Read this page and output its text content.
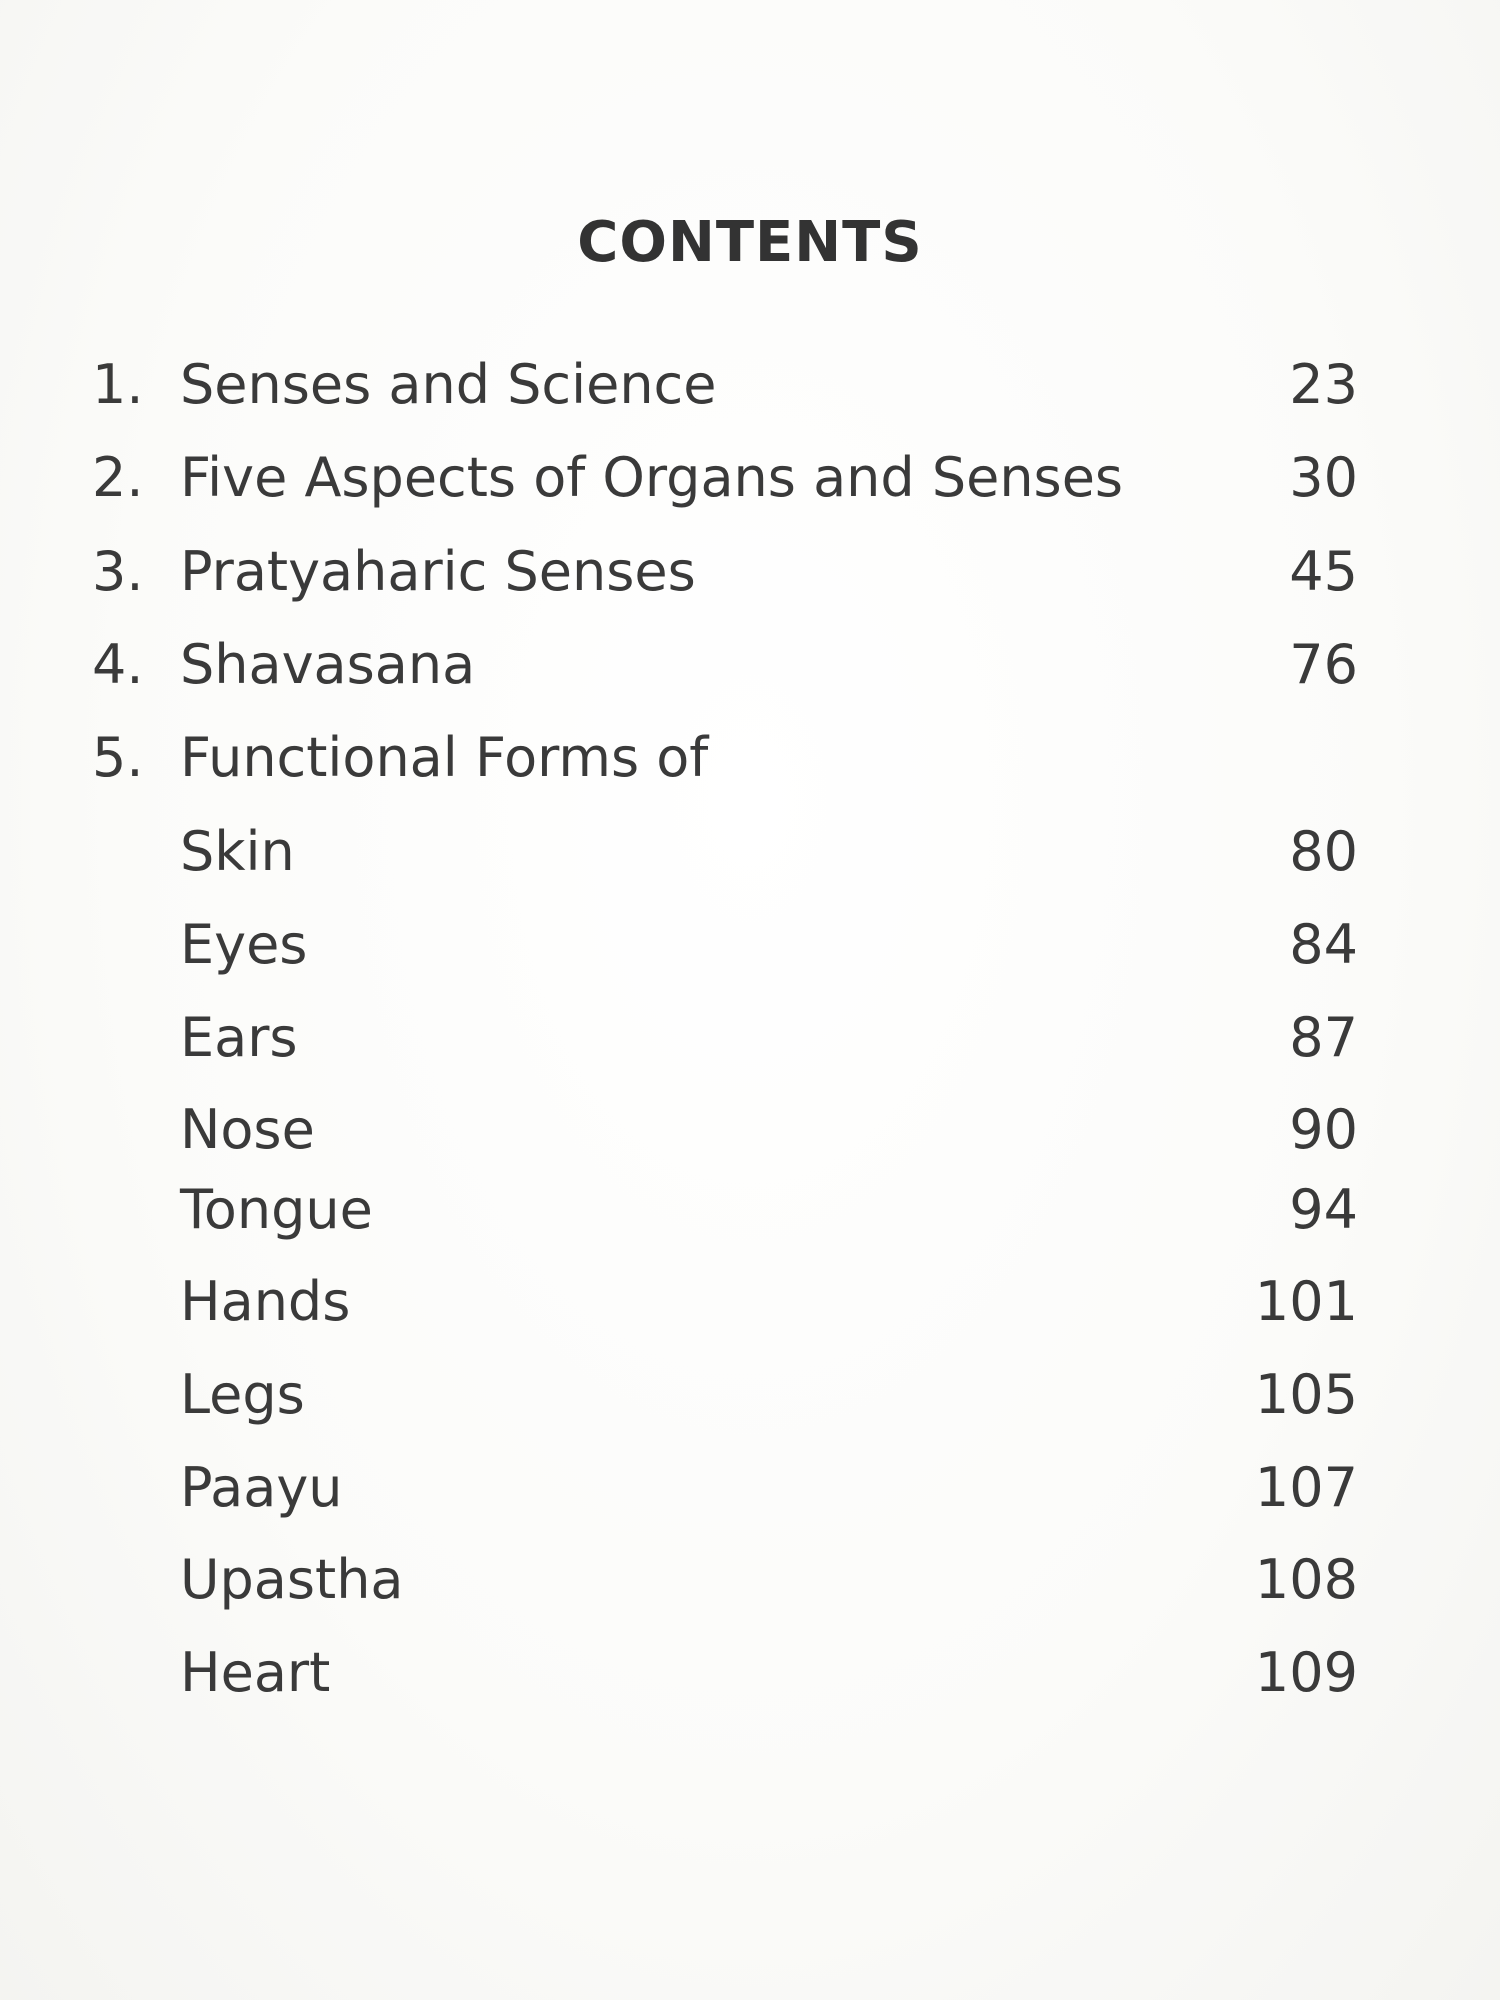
CONTENTS
1. Senses and Science	23
2. Five Aspects of Organs and Senses	30
3. Pratyaharic Senses	45
4. Shavasana	76
5. Functional Forms of
Skin	80
Eyes	84
Ears	87
Nose	90
Tongue	94
Hands	101
Legs	105
Paayu	107
Upastha	108
Heart	109
